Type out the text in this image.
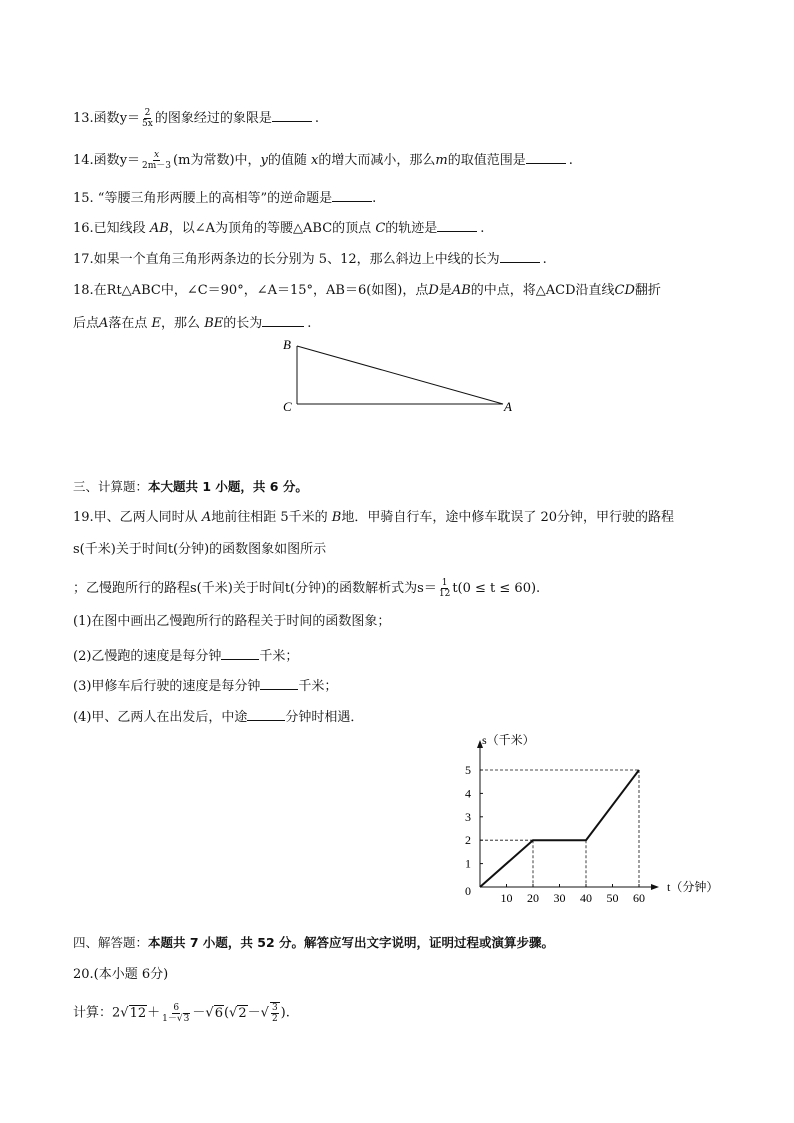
13.函数$y= \frac{2}{5x}$ 的图象经过的象限是	.
14.函数$y= \frac{x}{2m-3} (m$为常数)中，y的值随 x的增大而减小，那么m的取值范围是	.
15. “等腰三角形两腰上的高相等”的逆命题是	.
16.已知线段 AB，以∠A为顶角的等腰△ABC的顶点 C的轨迹是	.
17.如果一个直角三角形两条边的长分别为 5、12，那么斜边上中线的长为	.
18.在Rt△ABC中，∠C＝90°，∠A＝15°，AB＝6(如图)，点D是AB的中点，将△ACD沿直线CD翻折
后点A落在点 E，那么 BE的长为	.
B
C	A
三、计算题：本大题共 1 小题，共 6 分。
19.甲、乙两人同时从 A地前往相距 5千米的 B地．甲骑自行车，途中修车耽误了 20分钟，甲行驶的路程
s(千米)关于时间t(分钟)的函数图象如图所示
；乙慢跑所行的路程s(千米)关于时间t(分钟)的函数解析式为$s= \frac{1}{12} t(0 \le t \le 60)$.
(1)在图中画出乙慢跑所行的路程关于时间的函数图象；
(2)乙慢跑的速度是每分钟	千米；
(3)甲修车后行驶的速度是每分钟	千米；
(4)甲、乙两人在出发后，中途	分钟时相遇．
10 20 30 40 50 60
1
2
3
4
5
0
s（千米）
t（分钟）
四、解答题：本题共 7 小题，共 52 分。解答应写出文字说明，证明过程或演算步骤。
20.(本小题 6分)
计算：$2√12+ \frac{6}{1-√3} -√6(√2-√ \frac{3}{2}$ ).
